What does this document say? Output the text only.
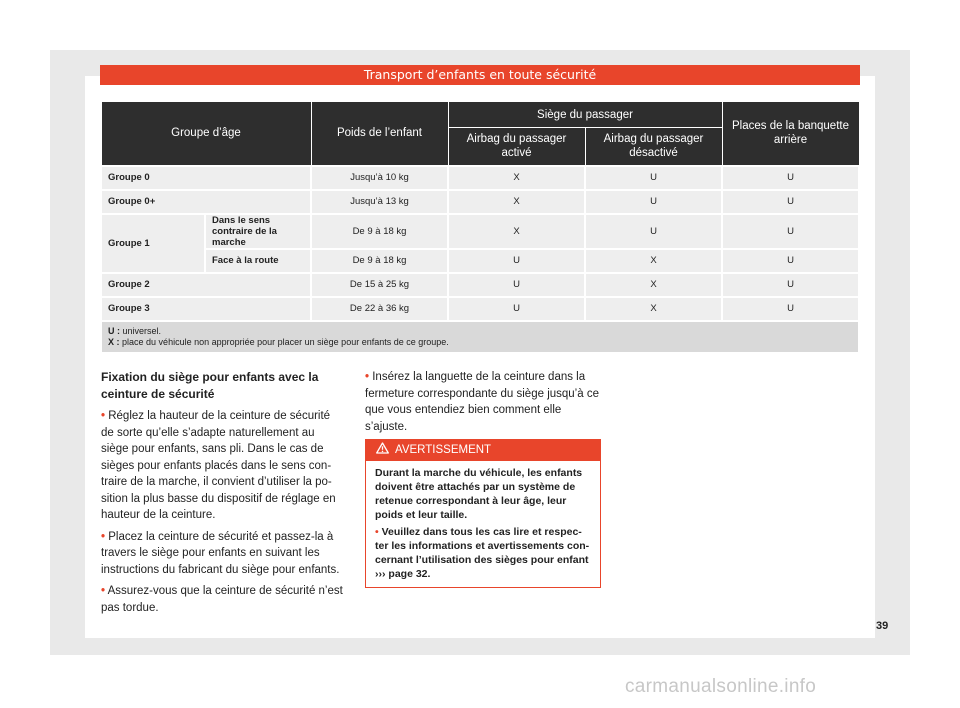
Transport d’enfants en toute sécurité
Groupe d’âge		Poids de l’enfant	Siège du passager		Places de la banquette arrière
			Airbag du passager activé	Airbag du passager désactivé	
Groupe 0		Jusqu’à 10 kg	X	U	U
Groupe 0+		Jusqu’à 13 kg	X	U	U
Groupe 1	Dans le sens contraire de la marche	De 9 à 18 kg	X	U	U
	Face à la route	De 9 à 18 kg	U	X	U
Groupe 2		De 15 à 25 kg	U	X	U
Groupe 3		De 22 à 36 kg	U	X	U

U : universel.
X : place du véhicule non appropriée pour placer un siège pour enfants de ce groupe.					
Fixation du siège pour enfants avec la ceinture de sécurité

• Réglez la hauteur de la ceinture de sécurité de sorte qu’elle s’adapte naturellement au siège pour enfants, sans pli. Dans le cas de sièges pour enfants placés dans le sens contraire de la marche, il convient d’utiliser la position la plus basse du dispositif de réglage en hauteur de la ceinture.

• Placez la ceinture de sécurité et passez-la à travers le siège pour enfants en suivant les instructions du fabricant du siège pour enfants.

• Assurez-vous que la ceinture de sécurité n’est pas tordue.

• Insérez la languette de la ceinture dans la fermeture correspondante du siège jusqu’à ce que vous entendiez bien comment elle s’ajuste.

AVERTISSEMENT

Durant la marche du véhicule, les enfants doivent être attachés par un système de retenue correspondant à leur âge, leur poids et leur taille.

• Veuillez dans tous les cas lire et respecter les informations et avertissements concernant l’utilisation des sièges pour enfant ››› page 32.

39
carmanualsonline.info
